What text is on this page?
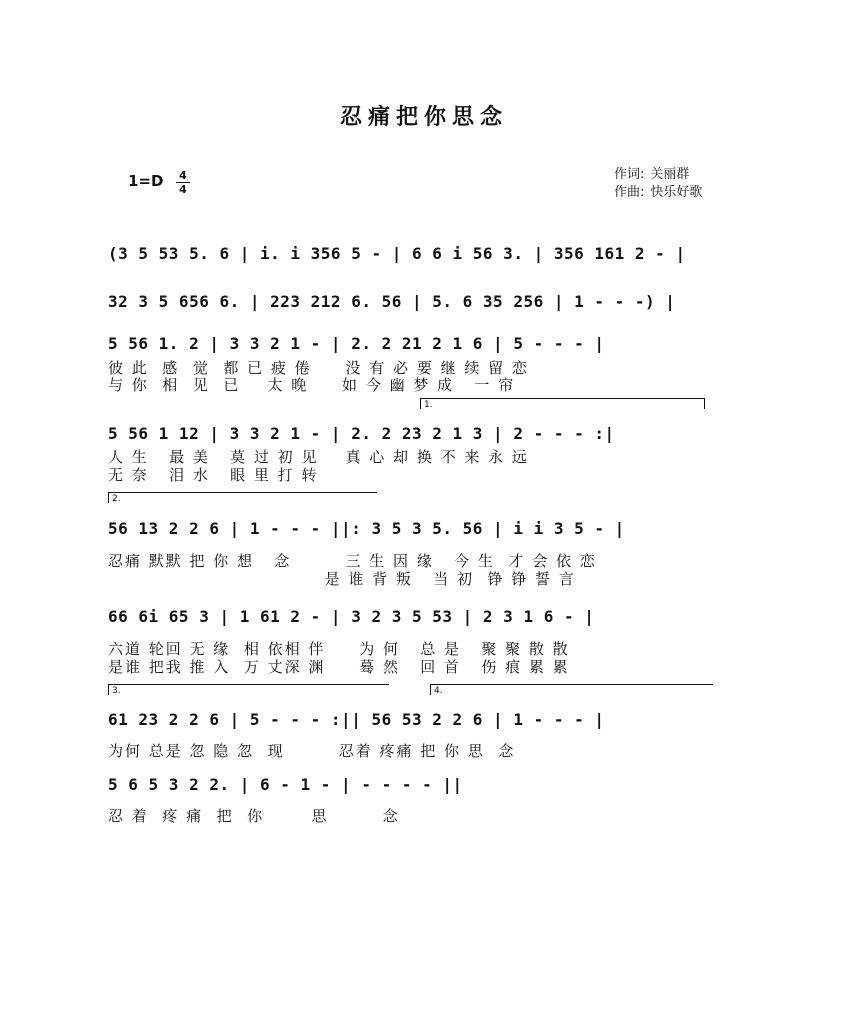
忍痛把你思念
1=D 4
4
作词: 关丽群
作曲: 快乐好歌
(3 5 53 5. 6 | i. i 356 5 - | 6 6 i 56 3. | 356 161 2 - |
32 3 5 656 6. | 223 212 6. 56 | 5. 6 35 256 | 1 - - -) |
5 56 1. 2 | 3 3 2 1 - | 2. 2 21 2 1 6 | 5 - - - |
彼 此  感  觉  都 已 疲 倦     没 有 必 要 继 续 留 恋
与 你  相  见  已    太 晚     如 今 幽 梦 成   一 帘
1.
5 56 1 12 | 3 3 2 1 - | 2. 2 23 2 1 3 | 2 - - - :|
人 生   最 美   莫 过 初 见    真 心 却 换 不 来 永 远
无 奈   泪 水   眼 里 打 转
2.
56 13 2 2 6 | 1 - - - ||: 3 5 3 5. 56 | i i 3 5 - |
忍痛 默默 把 你 想   念        三 生 因 缘   今 生  才 会 依 恋
是 谁 背 叛   当 初  铮 铮 誓 言
66 6i 65 3 | 1 61 2 - | 3 2 3 5 53 | 2 3 1 6 - |
六道 轮回 无 缘  相 依相 伴     为 何   总 是   聚 聚 散 散
是谁 把我 推 入  万 丈深 渊     蓦 然   回 首   伤 痕 累 累
3.	4.
61 23 2 2 6 | 5 - - - :|| 56 53 2 2 6 | 1 - - - |
为何 总是 忽 隐 忽  现        忍着 疼痛 把 你 思  念
5 6 5 3 2 2. | 6 - 1 - | - - - - ||
忍 着  疼 痛  把  你       思        念
